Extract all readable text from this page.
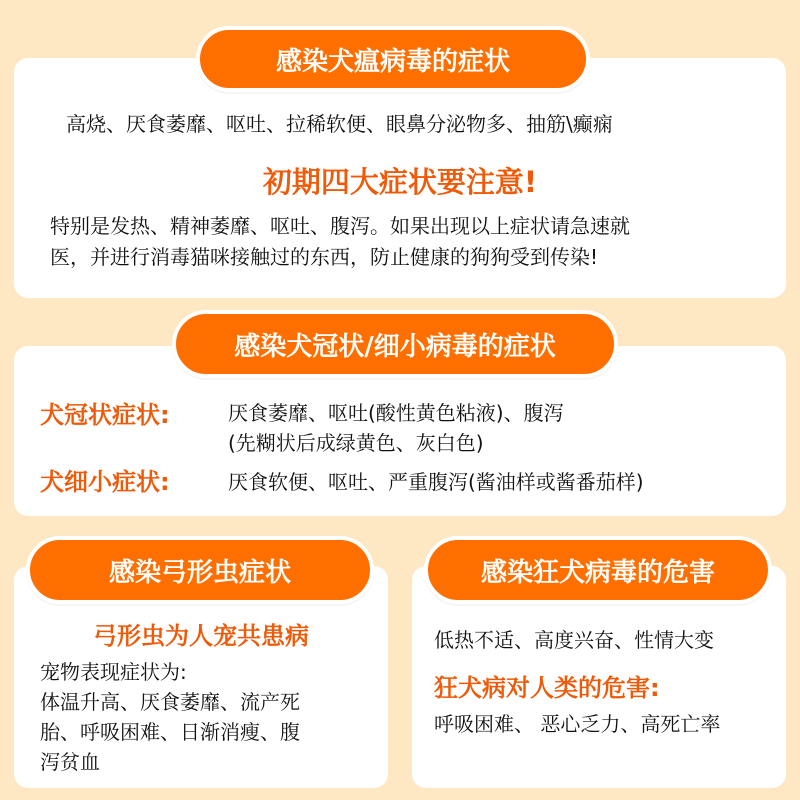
感染犬瘟病毒的症状
高烧、厌食萎靡、呕吐、拉稀软便、眼鼻分泌物多、抽筋\癫痫
初期四大症状要注意!
特别是发热、精神萎靡、呕吐、腹泻。如果出现以上症状请急速就
医，并进行消毒猫咪接触过的东西，防止健康的狗狗受到传染!
感染犬冠状/细小病毒的症状
犬冠状症状:	厌食萎靡、呕吐(酸性黄色粘液)、腹泻
(先糊状后成绿黄色、灰白色)
犬细小症状:	厌食软便、呕吐、严重腹泻(酱油样或酱番茄样)
感染弓形虫症状
弓形虫为人宠共患病
宠物表现症状为:
体温升高、厌食萎靡、流产死
胎、呼吸困难、日渐消瘦、腹
泻贫血
感染狂犬病毒的危害
低热不适、高度兴奋、性情大变
狂犬病对人类的危害:
呼吸困难、 恶心乏力、高死亡率
